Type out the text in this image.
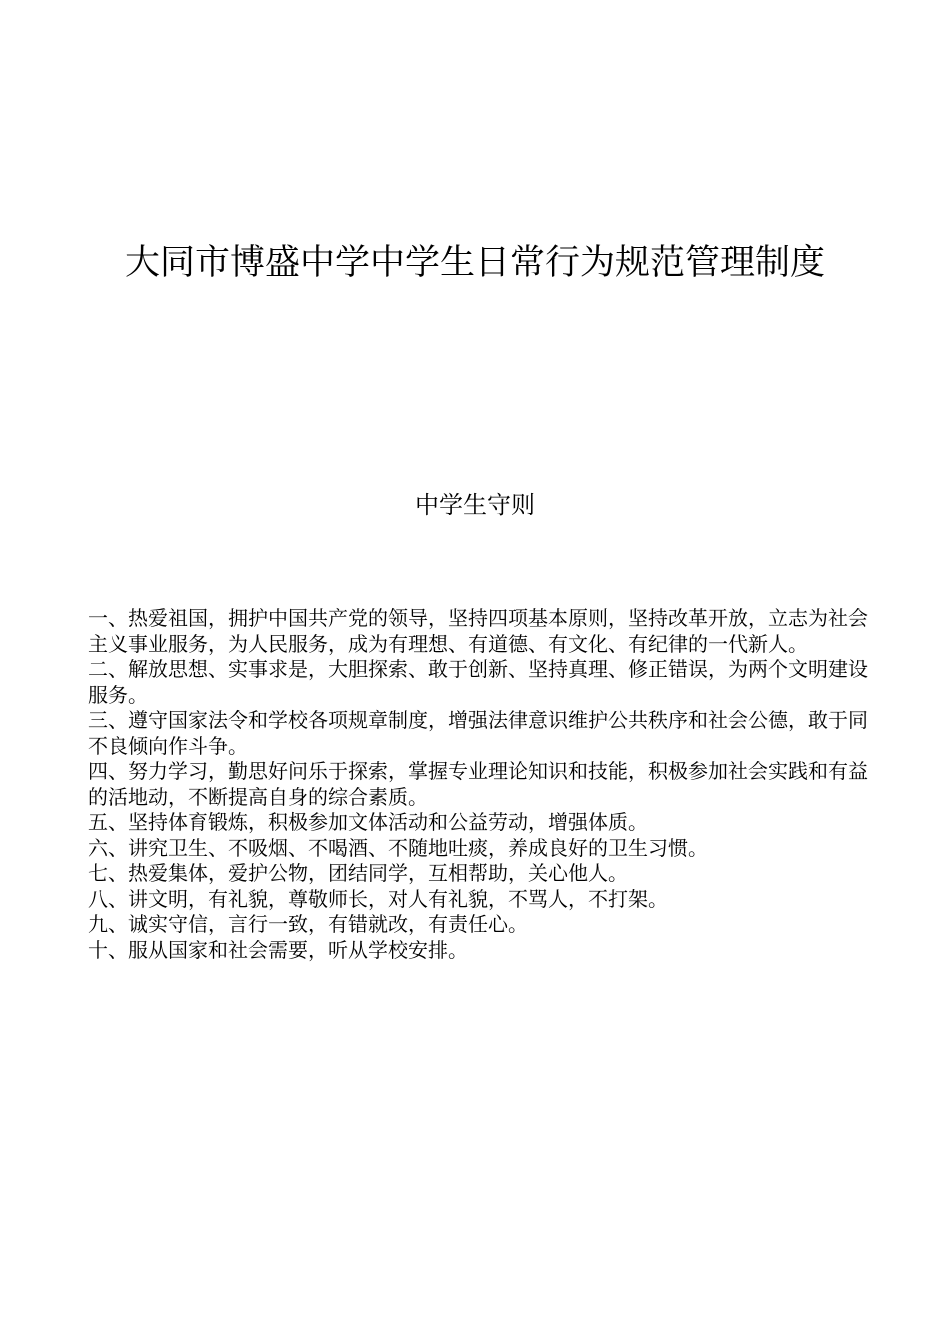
大同市博盛中学中学生日常行为规范管理制度
中学生守则
一、热爱祖国，拥护中国共产党的领导，坚持四项基本原则，坚持改革开放，立志为社会主义事业服务，为人民服务，成为有理想、有道德、有文化、有纪律的一代新人。
二、解放思想、实事求是，大胆探索、敢于创新、坚持真理、修正错误，为两个文明建设服务。
三、遵守国家法令和学校各项规章制度，增强法律意识维护公共秩序和社会公德，敢于同不良倾向作斗争。
四、努力学习，勤思好问乐于探索，掌握专业理论知识和技能，积极参加社会实践和有益的活地动，不断提高自身的综合素质。
五、坚持体育锻炼，积极参加文体活动和公益劳动，增强体质。
六、讲究卫生、不吸烟、不喝酒、不随地吐痰，养成良好的卫生习惯。
七、热爱集体，爱护公物，团结同学，互相帮助，关心他人。
八、讲文明，有礼貌，尊敬师长，对人有礼貌，不骂人，不打架。
九、诚实守信，言行一致，有错就改，有责任心。
十、服从国家和社会需要，听从学校安排。
